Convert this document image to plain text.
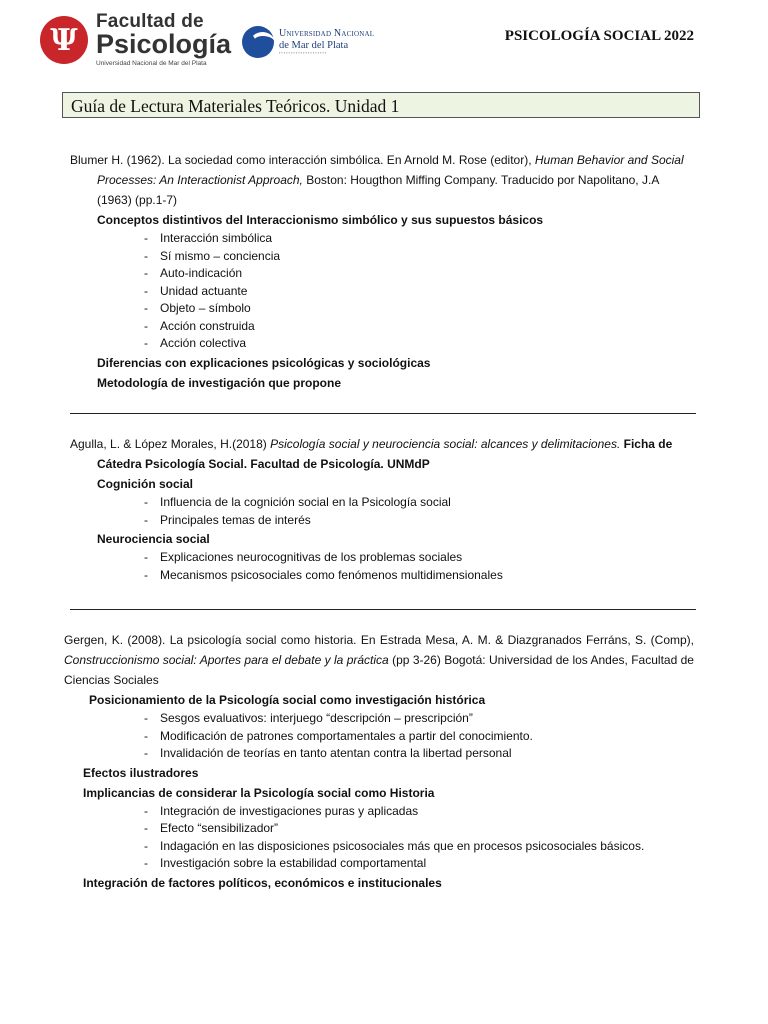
Ψ
Facultad de
Psicología
Universidad Nacional de Mar del Plata
Universidad Nacional
de Mar del Plata
▪▪▪▪▪▪▪▪▪▪▪▪▪▪▪▪▪▪▪▪
PSICOLOGÍA SOCIAL 2022
Guía de Lectura Materiales Teóricos. Unidad 1

Blumer H. (1962). La sociedad como interacción simbólica. En Arnold M. Rose (editor), Human Behavior and Social Processes: An Interactionist Approach, Boston: Hougthon Miffing Company. Traducido por Napolitano, J.A (1963) (pp.1-7)

Conceptos distintivos del Interaccionismo simbólico y sus supuestos básicos

- Interacción simbólica
- Sí mismo – conciencia
- Auto-indicación
- Unidad actuante
- Objeto – símbolo
- Acción construida
- Acción colectiva

Diferencias con explicaciones psicológicas y sociológicas

Metodología de investigación que propone

Agulla, L. & López Morales, H.(2018) Psicología social y neurociencia social: alcances y delimitaciones. Ficha de Cátedra Psicología Social. Facultad de Psicología. UNMdP

Cognición social

- Influencia de la cognición social en la Psicología social
- Principales temas de interés

Neurociencia social

- Explicaciones neurocognitivas de los problemas sociales
- Mecanismos psicosociales como fenómenos multidimensionales

Gergen, K. (2008). La psicología social como historia. En Estrada Mesa, A. M. & Diazgranados Ferráns, S. (Comp), Construccionismo social: Aportes para el debate y la práctica (pp 3-26) Bogotá: Universidad de los Andes, Facultad de Ciencias Sociales

Posicionamiento de la Psicología social como investigación histórica

- Sesgos evaluativos: interjuego “descripción – prescripción”
- Modificación de patrones comportamentales a partir del conocimiento.
- Invalidación de teorías en tanto atentan contra la libertad personal

Efectos ilustradores

Implicancias de considerar la Psicología social como Historia

- Integración de investigaciones puras y aplicadas
- Efecto “sensibilizador”
- Indagación en las disposiciones psicosociales más que en procesos psicosociales básicos.
- Investigación sobre la estabilidad comportamental

Integración de factores políticos, económicos e institucionales
